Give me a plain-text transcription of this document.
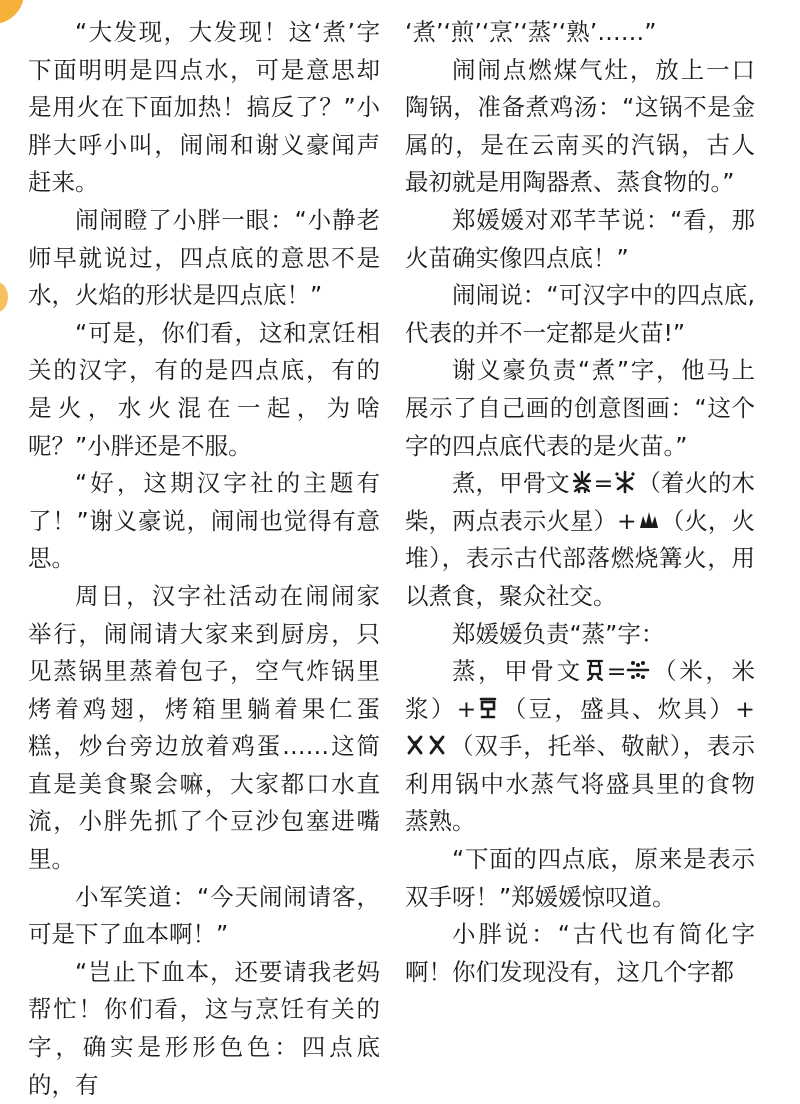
“大发现，大发现！这‘煮’字下面明明是四点水，可是意思却是用火在下面加热！搞反了？”小胖大呼小叫，闹闹和谢义豪闻声赶来。

闹闹瞪了小胖一眼：“小静老师早就说过，四点底的意思不是水，火焰的形状是四点底！”

“可是，你们看，这和烹饪相关的汉字，有的是四点底，有的是火，水火混在一起，为啥呢？”小胖还是不服。

“好，这期汉字社的主题有了！”谢义豪说，闹闹也觉得有意思。

周日，汉字社活动在闹闹家举行，闹闹请大家来到厨房，只见蒸锅里蒸着包子，空气炸锅里烤着鸡翅，烤箱里躺着果仁蛋糕，炒台旁边放着鸡蛋……这简直是美食聚会嘛，大家都口水直流，小胖先抓了个豆沙包塞进嘴里。

小军笑道：“今天闹闹请客，可是下了血本啊！”

“岂止下血本，还要请我老妈帮忙！你们看，这与烹饪有关的字，确实是形形色色：四点底的，有

‘煮’‘煎’‘烹’‘蒸’‘熟’……”

闹闹点燃煤气灶，放上一口陶锅，准备煮鸡汤：“这锅不是金属的，是在云南买的汽锅，古人最初就是用陶器煮、蒸食物的。”

郑媛媛对邓芊芊说：“看，那火苗确实像四点底！”

闹闹说：“可汉字中的四点底,代表的并不一定都是火苗!”

谢义豪负责“煮”字，他马上展示了自己画的创意图画：“这个字的四点底代表的是火苗。”

煮，甲骨文 = （着火的木柴，两点表示火星）+ （火，火堆），表示古代部落燃烧篝火，用以煮食，聚众社交。

郑媛媛负责“蒸”字：

蒸，甲骨文 = （米，米浆）+ （豆，盛具、炊具）+
（双手，托举、敬献），表示利用锅中水蒸气将盛具里的食物蒸熟。

“下面的四点底，原来是表示双手呀！”郑媛媛惊叹道。

小胖说：“古代也有简化字啊！你们发现没有，这几个字都
